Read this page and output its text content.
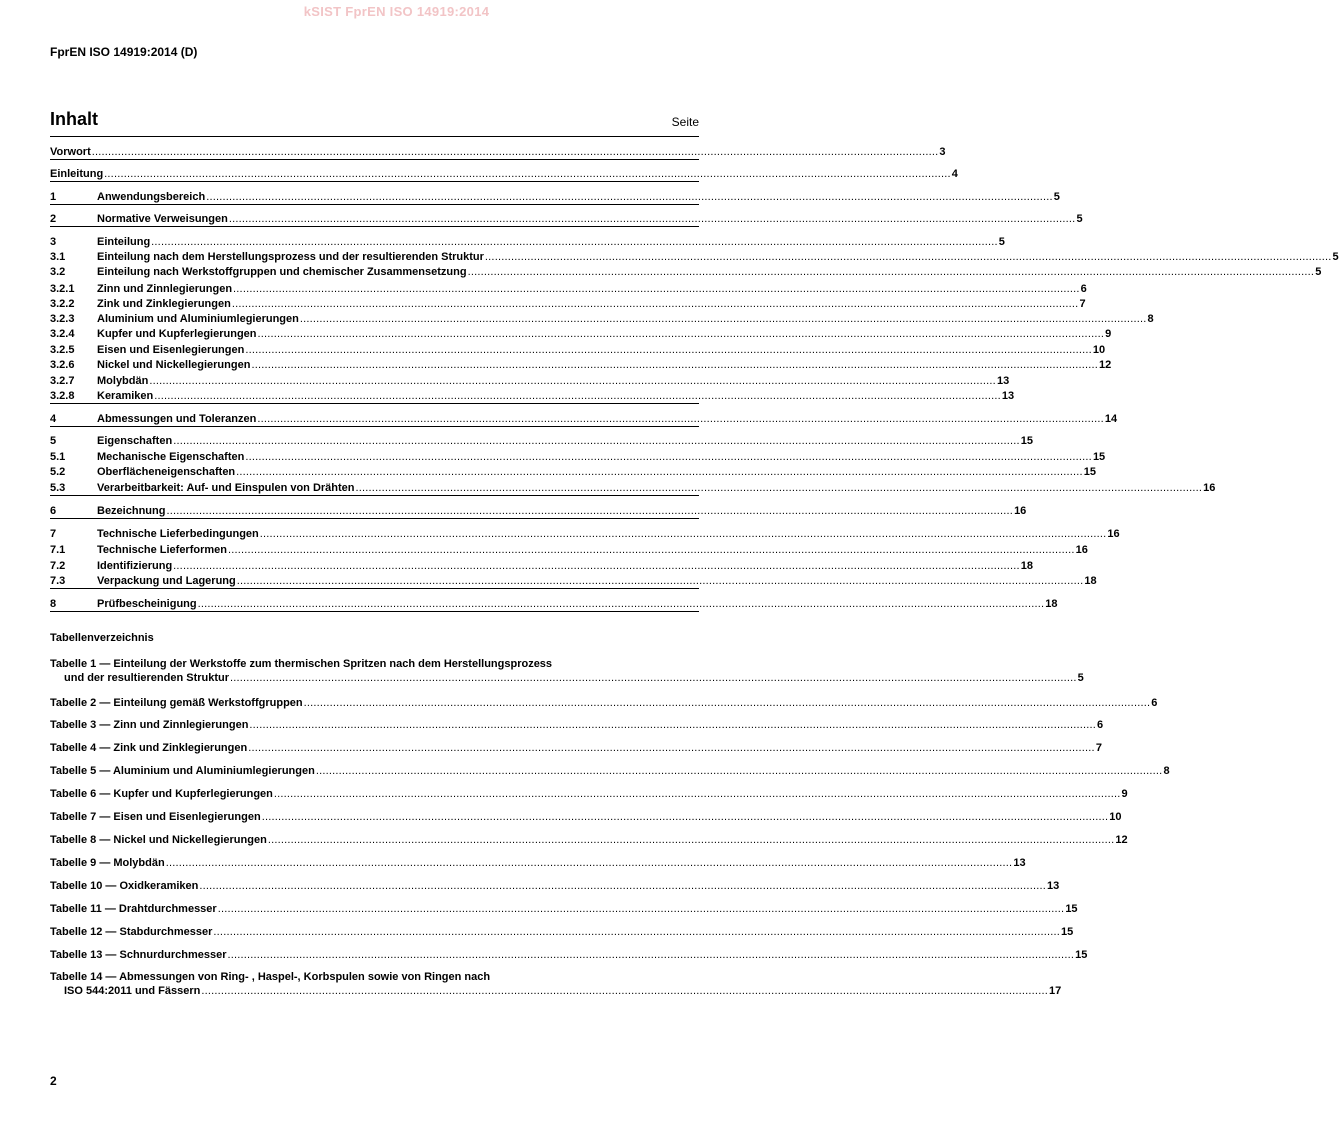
kSIST FprEN ISO 14919:2014
FprEN ISO 14919:2014 (D)
Inhalt	Seite
Vorwort .................................................................................................................................................................................................................................................................... 3
Einleitung .................................................................................................................................................................................................................................................................... 4
1	Anwendungsbereich .................................................................................................................................................................................................................................................................... 5
2	Normative Verweisungen .................................................................................................................................................................................................................................................................... 5
3	Einteilung .................................................................................................................................................................................................................................................................... 5
3.1	Einteilung nach dem Herstellungsprozess und der resultierenden Struktur .................................................................................................................................................................................................................................................................... 5
3.2	Einteilung nach Werkstoffgruppen und chemischer Zusammensetzung .................................................................................................................................................................................................................................................................... 5
3.2.1	Zinn und Zinnlegierungen .................................................................................................................................................................................................................................................................... 6
3.2.2	Zink und Zinklegierungen .................................................................................................................................................................................................................................................................... 7
3.2.3	Aluminium und Aluminiumlegierungen .................................................................................................................................................................................................................................................................... 8
3.2.4	Kupfer und Kupferlegierungen .................................................................................................................................................................................................................................................................... 9
3.2.5	Eisen und Eisenlegierungen .................................................................................................................................................................................................................................................................... 10
3.2.6	Nickel und Nickellegierungen .................................................................................................................................................................................................................................................................... 12
3.2.7	Molybdän .................................................................................................................................................................................................................................................................... 13
3.2.8	Keramiken .................................................................................................................................................................................................................................................................... 13
4	Abmessungen und Toleranzen .................................................................................................................................................................................................................................................................... 14
5	Eigenschaften .................................................................................................................................................................................................................................................................... 15
5.1	Mechanische Eigenschaften .................................................................................................................................................................................................................................................................... 15
5.2	Oberflächeneigenschaften .................................................................................................................................................................................................................................................................... 15
5.3	Verarbeitbarkeit: Auf- und Einspulen von Drähten .................................................................................................................................................................................................................................................................... 16
6	Bezeichnung .................................................................................................................................................................................................................................................................... 16
7	Technische Lieferbedingungen .................................................................................................................................................................................................................................................................... 16
7.1	Technische Lieferformen .................................................................................................................................................................................................................................................................... 16
7.2	Identifizierung .................................................................................................................................................................................................................................................................... 18
7.3	Verpackung und Lagerung .................................................................................................................................................................................................................................................................... 18
8	Prüfbescheinigung .................................................................................................................................................................................................................................................................... 18
Tabellenverzeichnis
Tabelle 1 — Einteilung der Werkstoffe zum thermischen Spritzen nach dem Herstellungsprozess
und der resultierenden Struktur .................................................................................................................................................................................................................................................................... 5
Tabelle 2 — Einteilung gemäß Werkstoffgruppen .................................................................................................................................................................................................................................................................... 6
Tabelle 3 — Zinn und Zinnlegierungen .................................................................................................................................................................................................................................................................... 6
Tabelle 4 — Zink und Zinklegierungen .................................................................................................................................................................................................................................................................... 7
Tabelle 5 — Aluminium und Aluminiumlegierungen .................................................................................................................................................................................................................................................................... 8
Tabelle 6 — Kupfer und Kupferlegierungen .................................................................................................................................................................................................................................................................... 9
Tabelle 7 — Eisen und Eisenlegierungen .................................................................................................................................................................................................................................................................... 10
Tabelle 8 — Nickel und Nickellegierungen .................................................................................................................................................................................................................................................................... 12
Tabelle 9 — Molybdän .................................................................................................................................................................................................................................................................... 13
Tabelle 10 — Oxidkeramiken .................................................................................................................................................................................................................................................................... 13
Tabelle 11 — Drahtdurchmesser .................................................................................................................................................................................................................................................................... 15
Tabelle 12 — Stabdurchmesser .................................................................................................................................................................................................................................................................... 15
Tabelle 13 — Schnurdurchmesser .................................................................................................................................................................................................................................................................... 15
Tabelle 14 — Abmessungen von Ring- , Haspel-, Korbspulen sowie von Ringen nach
ISO 544:2011 und Fässern .................................................................................................................................................................................................................................................................... 17
2
